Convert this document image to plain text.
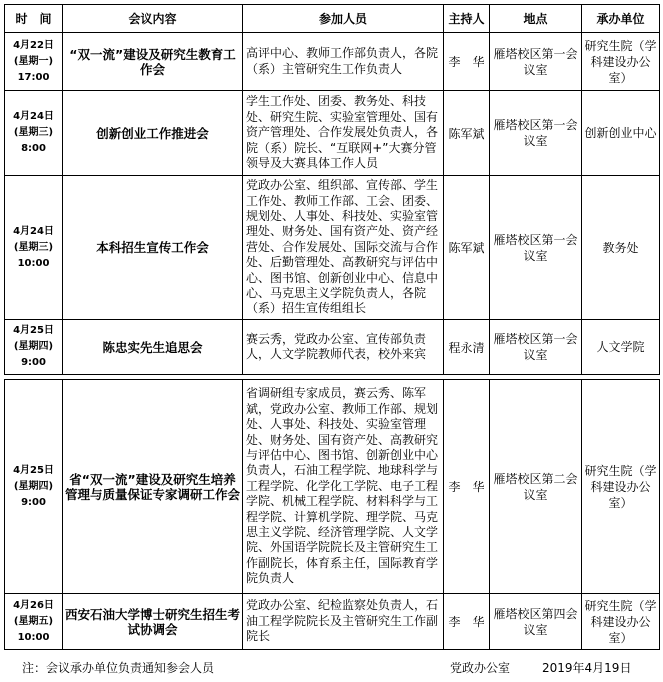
时　间	会议内容	参加人员	主持人	地点	承办单位

4月22日
(星期一)
17:00	“双一流”建设及研究生教育工作会	高评中心、教师工作部负责人，各院（系）主管研究生工作负责人	李　华	雁塔校区第一会议室	研究生院（学科建设办公室）

4月24日
(星期三)
8:00	创新创业工作推进会	学生工作处、团委、教务处、科技处、研究生院、实验室管理处、国有资产管理处、合作发展处负责人，各院（系）院长、“互联网+”大赛分管领导及大赛具体工作人员	陈军斌	雁塔校区第一会议室	创新创业中心

4月24日
(星期三)
10:00	本科招生宣传工作会	党政办公室、组织部、宣传部、学生工作处、教师工作部、工会、团委、规划处、人事处、科技处、实验室管理处、财务处、国有资产处、资产经营处、合作发展处、国际交流与合作处、后勤管理处、高教研究与评估中心、图书馆、创新创业中心、信息中心、马克思主义学院负责人，各院（系）招生宣传组组长	陈军斌	雁塔校区第一会议室	教务处

4月25日
(星期四)
9:00	陈忠实先生追思会	赛云秀，党政办公室、宣传部负责人，人文学院教师代表，校外来宾	程永清	雁塔校区第一会议室	人文学院
4月25日
(星期四)
9:00	省“双一流”建设及研究生培养管理与质量保证专家调研工作会	省调研组专家成员，赛云秀、陈军斌，党政办公室、教师工作部、规划处、人事处、科技处、实验室管理处、财务处、国有资产处、高教研究与评估中心、图书馆、创新创业中心负责人，石油工程学院、地球科学与工程学院、化学化工学院、电子工程学院、机械工程学院、材料科学与工程学院、计算机学院、理学院、马克思主义学院、经济管理学院、人文学院、外国语学院院长及主管研究生工作副院长，体育系主任，国际教育学院负责人	李　华	雁塔校区第二会议室	研究生院（学科建设办公室）

4月26日
(星期五)
10:00	西安石油大学博士研究生招生考试协调会	党政办公室、纪检监察处负责人，石油工程学院院长及主管研究生工作副院长	李　华	雁塔校区第四会议室	研究生院（学科建设办公室）
注：会议承办单位负责通知参会人员	党政办公室	2019年4月19日
